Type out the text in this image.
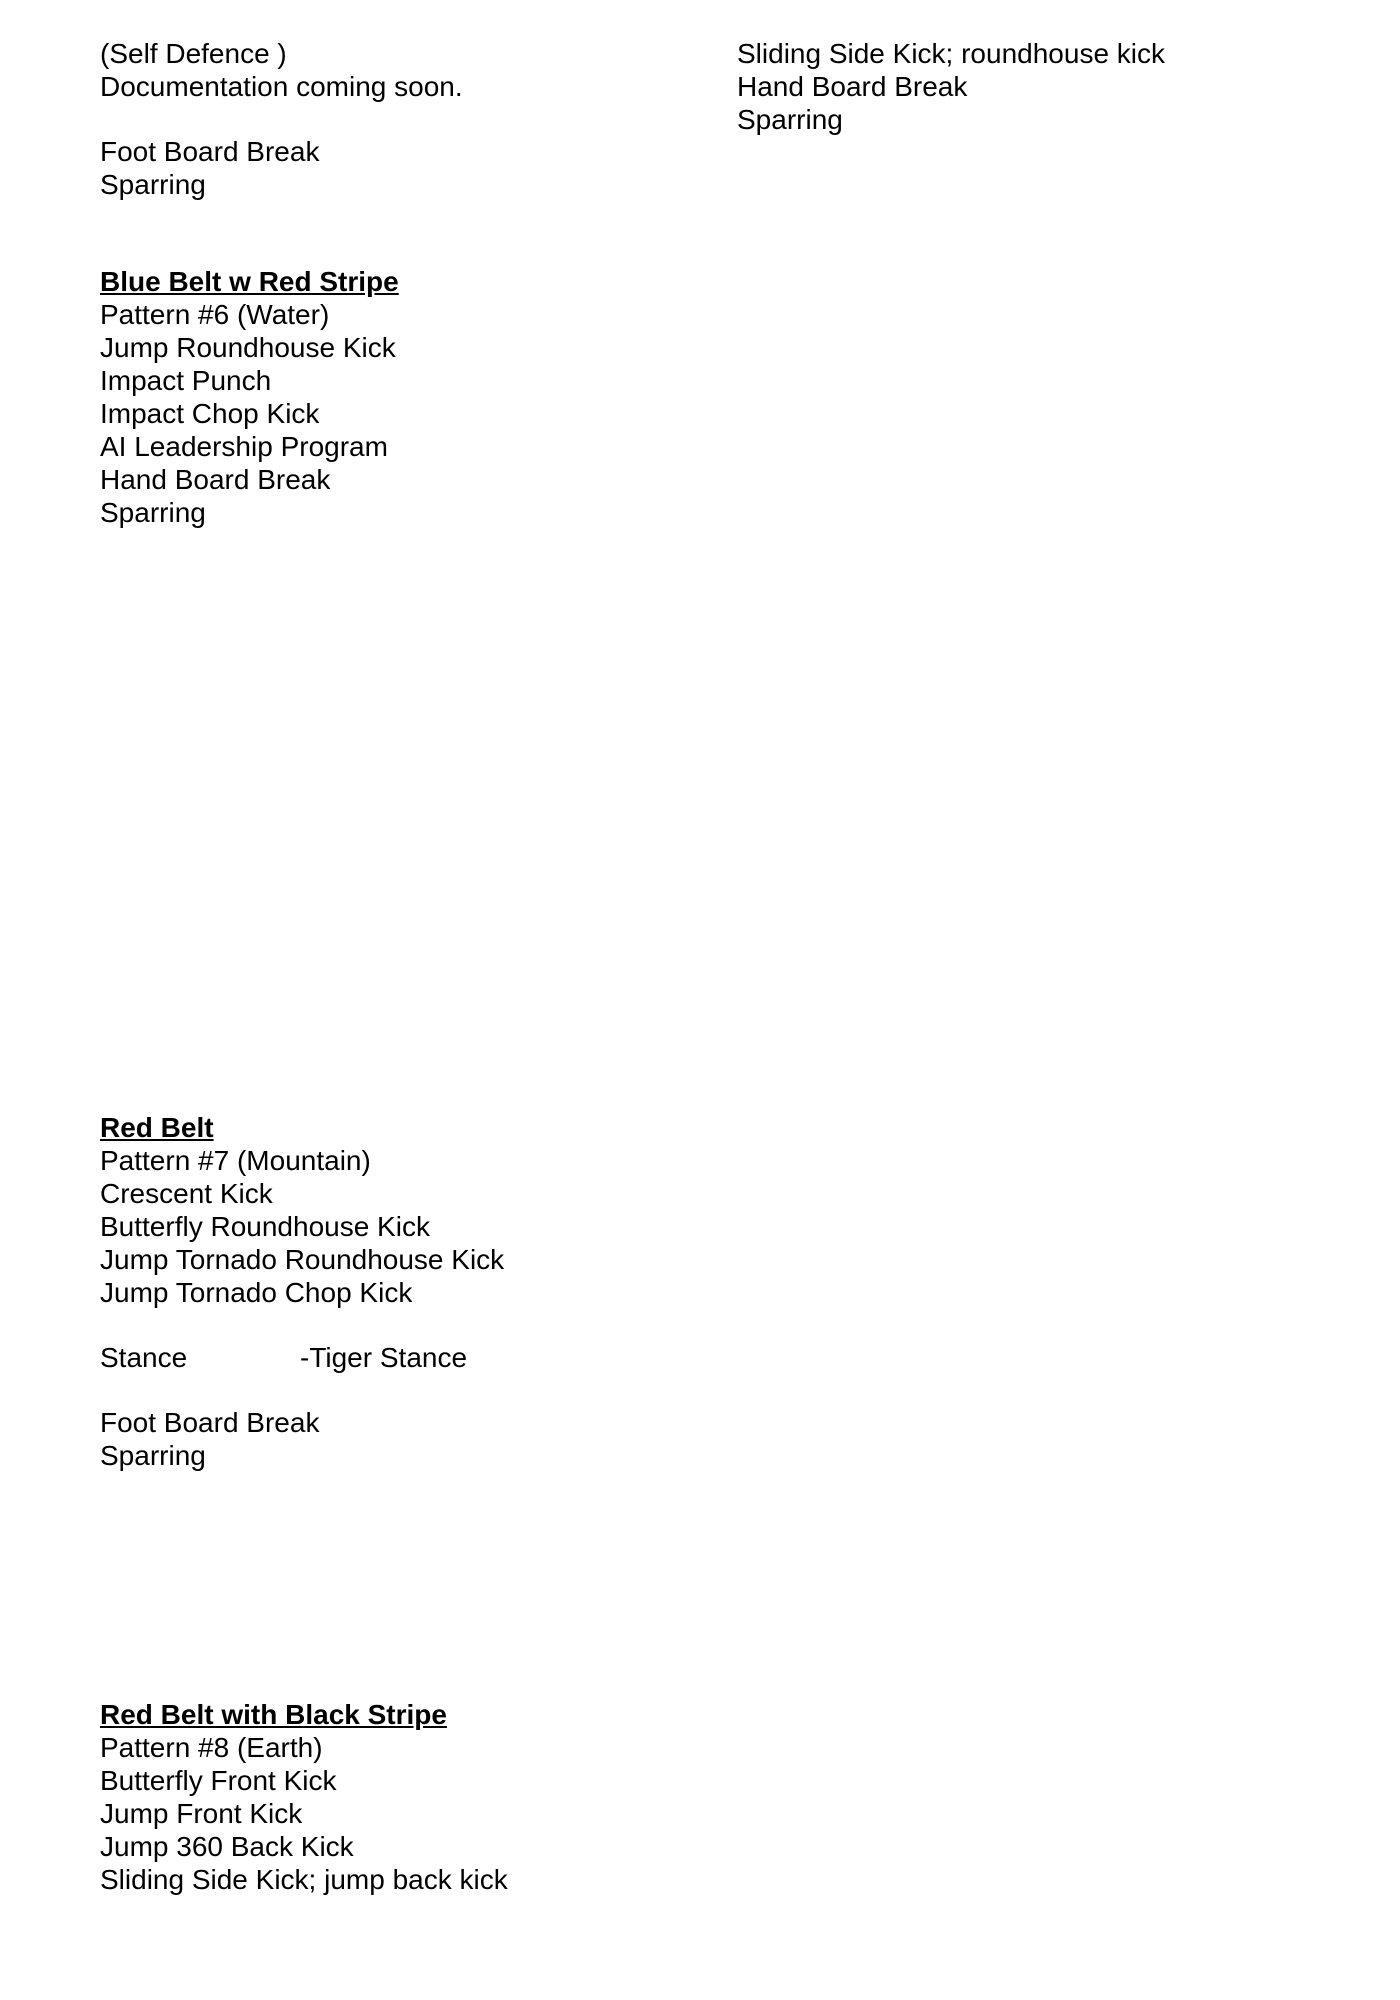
(Self Defence )
Documentation coming soon.
Foot Board Break
Sparring
Blue Belt w Red Stripe
Pattern #6 (Water)
Jump Roundhouse Kick
Impact Punch
Impact Chop Kick
AI Leadership Program
Hand Board Break
Sparring
Red Belt
Pattern #7 (Mountain)
Crescent Kick
Butterfly Roundhouse Kick
Jump Tornado Roundhouse Kick
Jump Tornado Chop Kick
Stance	-Tiger Stance
Foot Board Break
Sparring
Red Belt with Black Stripe
Pattern #8 (Earth)
Butterfly Front Kick
Jump Front Kick
Jump 360 Back Kick
Sliding Side Kick; jump back kick
Sliding Side Kick; roundhouse kick
Hand Board Break
Sparring
